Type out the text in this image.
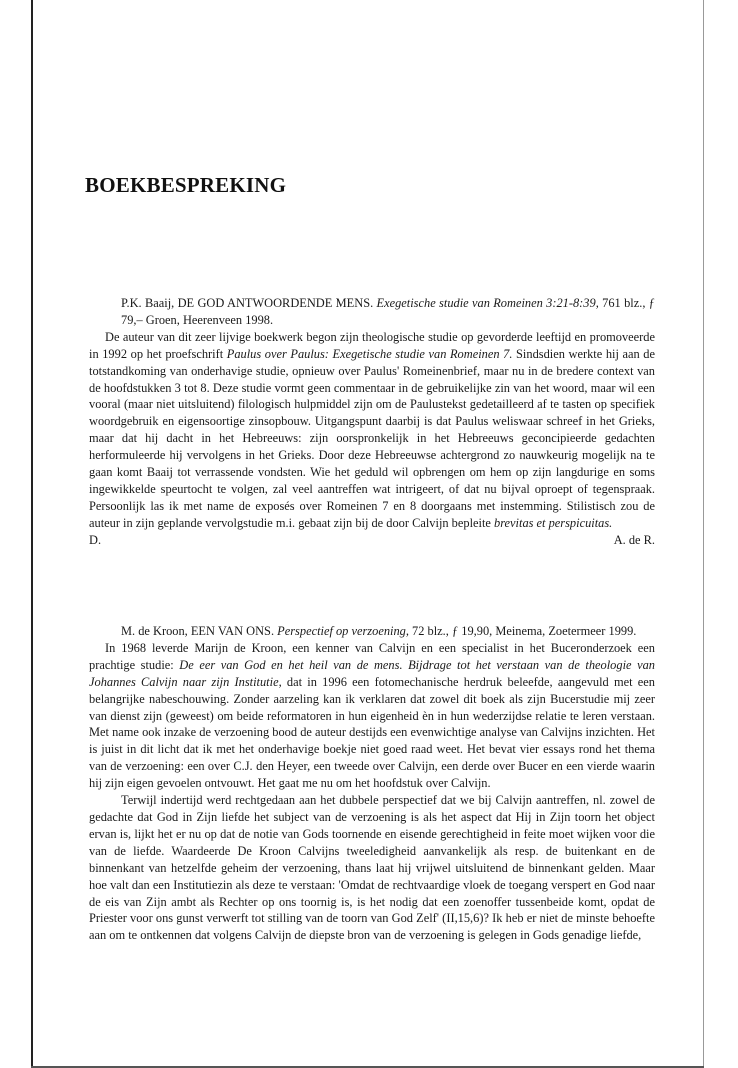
BOEKBESPREKING

P.K. Baaij, DE GOD ANTWOORDENDE MENS. Exegetische studie van Romeinen 3:21-8:39, 761 blz., ƒ 79,– Groen, Heerenveen 1998.

De auteur van dit zeer lijvige boekwerk begon zijn theologische studie op gevorderde leeftijd en promoveerde in 1992 op het proefschrift Paulus over Paulus: Exegetische studie van Romeinen 7. Sindsdien werkte hij aan de totstandkoming van onderhavige studie, opnieuw over Paulus' Romeinenbrief, maar nu in de bredere context van de hoofdstukken 3 tot 8. Deze studie vormt geen commentaar in de gebruikelijke zin van het woord, maar wil een vooral (maar niet uitsluitend) filologisch hulpmiddel zijn om de Paulustekst gedetailleerd af te tasten op specifiek woordgebruik en eigensoortige zinsopbouw. Uitgangspunt daarbij is dat Paulus weliswaar schreef in het Grieks, maar dat hij dacht in het Hebreeuws: zijn oorspronkelijk in het Hebreeuws geconcipieerde gedachten herformuleerde hij vervolgens in het Grieks. Door deze Hebreeuwse achtergrond zo nauwkeurig mogelijk na te gaan komt Baaij tot verrassende vondsten. Wie het geduld wil opbrengen om hem op zijn langdurige en soms ingewikkelde speurtocht te volgen, zal veel aantreffen wat intrigeert, of dat nu bijval oproept of tegenspraak. Persoonlijk las ik met name de exposés over Romeinen 7 en 8 doorgaans met instemming. Stilistisch zou de auteur in zijn geplande vervolgstudie m.i. gebaat zijn bij de door Calvijn bepleite brevitas et perspicuitas.

D.	A. de R.

M. de Kroon, EEN VAN ONS. Perspectief op verzoening, 72 blz., ƒ 19,90, Meinema, Zoetermeer 1999.

In 1968 leverde Marijn de Kroon, een kenner van Calvijn en een specialist in het Buceronderzoek een prachtige studie: De eer van God en het heil van de mens. Bijdrage tot het verstaan van de theologie van Johannes Calvijn naar zijn Institutie, dat in 1996 een fotomechanische herdruk beleefde, aangevuld met een belangrijke nabeschouwing. Zonder aarzeling kan ik verklaren dat zowel dit boek als zijn Bucerstudie mij zeer van dienst zijn (geweest) om beide reformatoren in hun eigenheid èn in hun wederzijdse relatie te leren verstaan. Met name ook inzake de verzoening bood de auteur destijds een evenwichtige analyse van Calvijns inzichten. Het is juist in dit licht dat ik met het onderhavige boekje niet goed raad weet. Het bevat vier essays rond het thema van de verzoening: een over C.J. den Heyer, een tweede over Calvijn, een derde over Bucer en een vierde waarin hij zijn eigen gevoelen ontvouwt. Het gaat me nu om het hoofdstuk over Calvijn.

Terwijl indertijd werd rechtgedaan aan het dubbele perspectief dat we bij Calvijn aantreffen, nl. zowel de gedachte dat God in Zijn liefde het subject van de verzoening is als het aspect dat Hij in Zijn toorn het object ervan is, lijkt het er nu op dat de notie van Gods toornende en eisende gerechtigheid in feite moet wijken voor die van de liefde. Waardeerde De Kroon Calvijns tweeledigheid aanvankelijk als resp. de buitenkant en de binnenkant van hetzelfde geheim der verzoening, thans laat hij vrijwel uitsluitend de binnenkant gelden. Maar hoe valt dan een Institutiezin als deze te verstaan: 'Omdat de rechtvaardige vloek de toegang verspert en God naar de eis van Zijn ambt als Rechter op ons toornig is, is het nodig dat een zoenoffer tussenbeide komt, opdat de Priester voor ons gunst verwerft tot stilling van de toorn van God Zelf' (II,15,6)? Ik heb er niet de minste behoefte aan om te ontkennen dat volgens Calvijn de diepste bron van de verzoening is gelegen in Gods genadige liefde,
